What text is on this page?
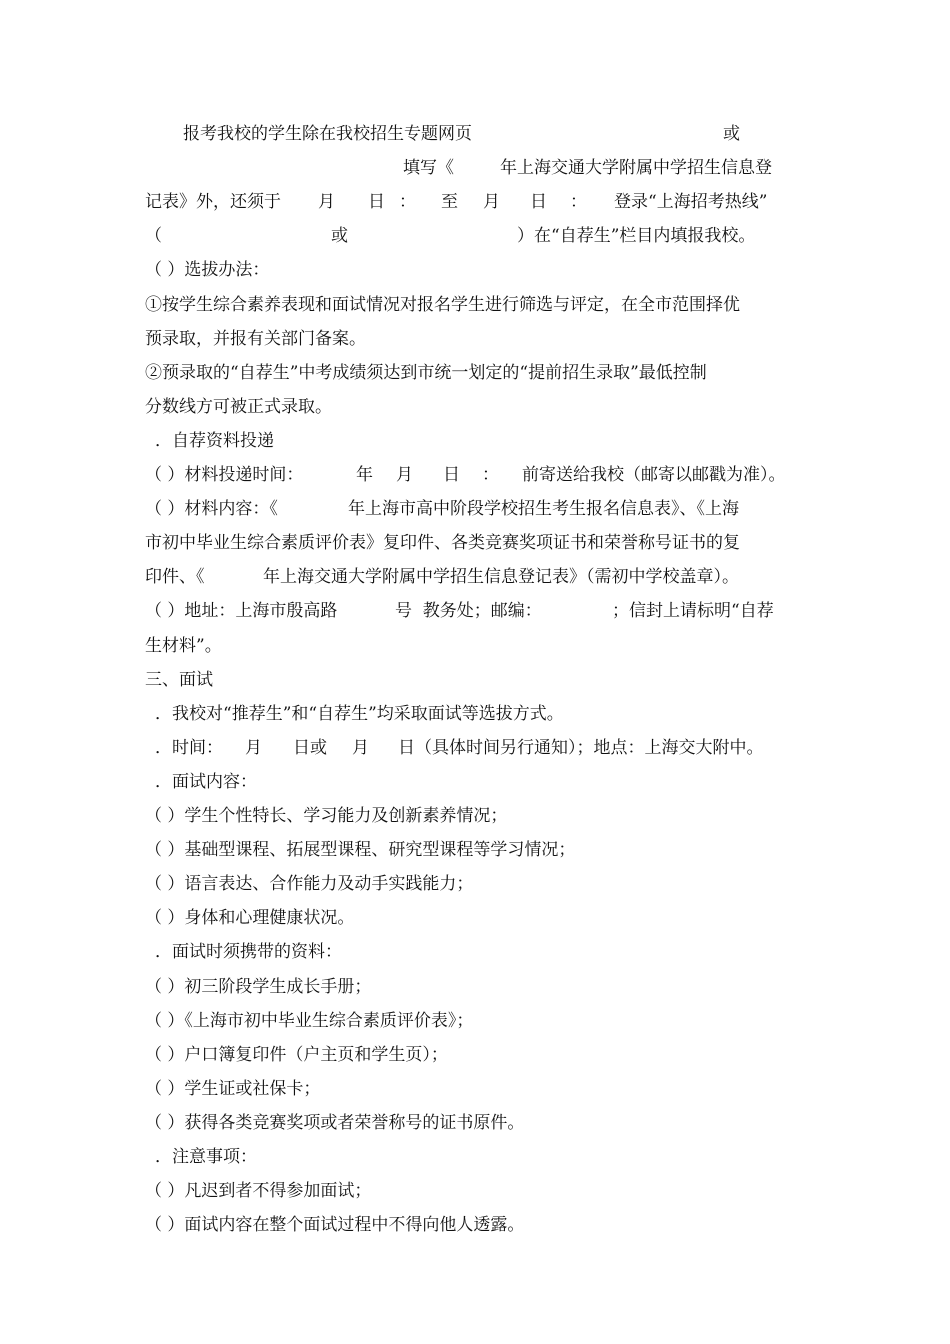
报考我校的学生除在我校招生专题网页	或
填写《	年上海交通大学附属中学招生信息登
记表》外，还须于 月 日 ： 至 月 日 ： 登录“上海招考热线”
（	或	）在“自荐生”栏目内填报我校。
（ ）选拔办法：
①按学生综合素养表现和面试情况对报名学生进行筛选与评定，在全市范围择优
预录取，并报有关部门备案。
②预录取的“自荐生”中考成绩须达到市统一划定的“提前招生录取”最低控制
分数线方可被正式录取。
．自荐资料投递
（ ）材料投递时间：	年 月 日 ： 前寄送给我校（邮寄以邮戳为准）。
（ ）材料内容：《	年上海市高中阶段学校招生考生报名信息表》、《上海
市初中毕业生综合素质评价表》复印件、各类竞赛奖项证书和荣誉称号证书的复
印件、《	年上海交通大学附属中学招生信息登记表》（需初中学校盖章）。
（ ）地址：上海市殷高路	号  教务处；邮编：	；信封上请标明“自荐
生材料”。
三、面试
．我校对“推荐生”和“自荐生”均采取面试等选拔方式。
．时间： 月 日或 月 日（具体时间另行通知）；地点：上海交大附中。
．面试内容：
（ ）学生个性特长、学习能力及创新素养情况；
（ ）基础型课程、拓展型课程、研究型课程等学习情况；
（ ）语言表达、合作能力及动手实践能力；
（ ）身体和心理健康状况。
．面试时须携带的资料：
（ ）初三阶段学生成长手册；
（ ）《上海市初中毕业生综合素质评价表》；
（ ）户口簿复印件（户主页和学生页）；
（ ）学生证或社保卡；
（ ）获得各类竞赛奖项或者荣誉称号的证书原件。
．注意事项：
（ ）凡迟到者不得参加面试；
（ ）面试内容在整个面试过程中不得向他人透露。
